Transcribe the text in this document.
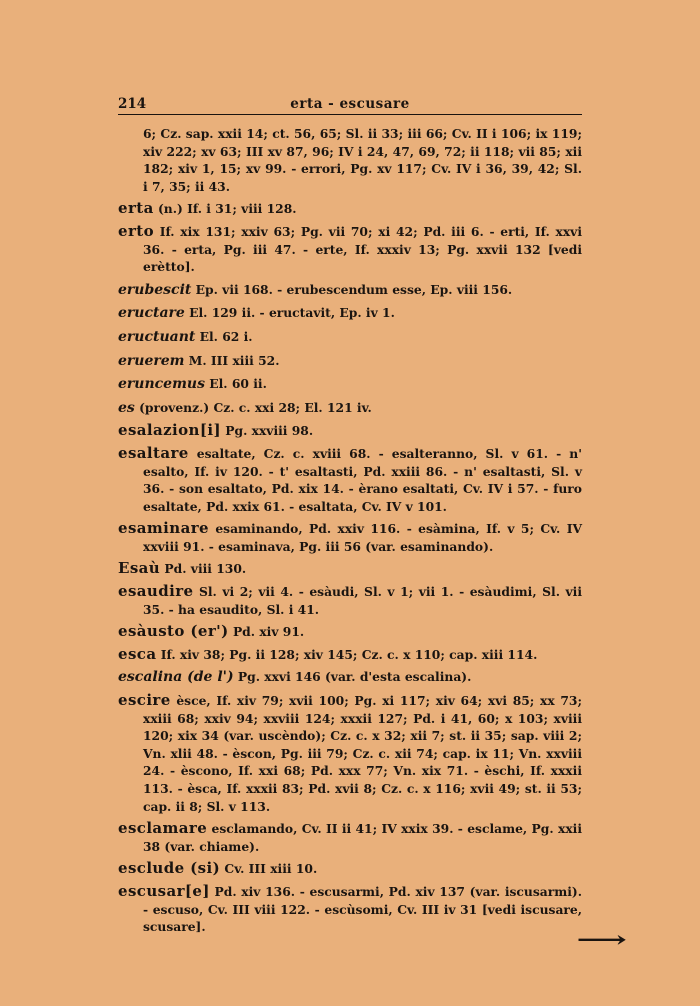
214	erta - escusare
6; Cz. sap. xxii 14; ct. 56, 65; Sl. ii 33; iii 66; Cv. II i 106; ix 119; xiv 222; xv 63; III xv 87, 96; IV i 24, 47, 69, 72; ii 118; vii 85; xii 182; xiv 1, 15; xv 99. - errori, Pg. xv 117; Cv. IV i 36, 39, 42; Sl. i 7, 35; ii 43.
erta (n.) If. i 31; viii 128.
erto If. xix 131; xxiv 63; Pg. vii 70; xi 42; Pd. iii 6. - erti, If. xxvi 36. - erta, Pg. iii 47. - erte, If. xxxiv 13; Pg. xxvii 132 [vedi erètto].
erubescit Ep. vii 168. - erubescendum esse, Ep. viii 156.
eructare El. 129 ii. - eructavit, Ep. iv 1.
eructuant El. 62 i.
eruerem M. III xiii 52.
eruncemus El. 60 ii.
es (provenz.) Cz. c. xxi 28; El. 121 iv.
esalazion[i] Pg. xxviii 98.
esaltare esaltate, Cz. c. xviii 68. - esalteranno, Sl. v 61. - n' esalto, If. iv 120. - t' esaltasti, Pd. xxiii 86. - n' esaltasti, Sl. v 36. - son esaltato, Pd. xix 14. - èrano esaltati, Cv. IV i 57. - furo esaltate, Pd. xxix 61. - esaltata, Cv. IV v 101.
esaminare esaminando, Pd. xxiv 116. - esàmina, If. v 5; Cv. IV xxviii 91. - esaminava, Pg. iii 56 (var. esaminando).
Esaù Pd. viii 130.
esaudire Sl. vi 2; vii 4. - esàudi, Sl. v 1; vii 1. - esàudimi, Sl. vii 35. - ha esaudito, Sl. i 41.
esàusto (er') Pd. xiv 91.
esca If. xiv 38; Pg. ii 128; xiv 145; Cz. c. x 110; cap. xiii 114.
escalina (de l') Pg. xxvi 146 (var. d'esta escalina).
escire èsce, If. xiv 79; xvii 100; Pg. xi 117; xiv 64; xvi 85; xx 73; xxiii 68; xxiv 94; xxviii 124; xxxii 127; Pd. i 41, 60; x 103; xviii 120; xix 34 (var. uscèndo); Cz. c. x 32; xii 7; st. ii 35; sap. viii 2; Vn. xlii 48. - èscon, Pg. iii 79; Cz. c. xii 74; cap. ix 11; Vn. xxviii 24. - èscono, If. xxi 68; Pd. xxx 77; Vn. xix 71. - èschi, If. xxxii 113. - èsca, If. xxxii 83; Pd. xvii 8; Cz. c. x 116; xvii 49; st. ii 53; cap. ii 8; Sl. v 113.
esclamare esclamando, Cv. II ii 41; IV xxix 39. - esclame, Pg. xxii 38 (var. chiame).
esclude (si) Cv. III xiii 10.
escusar[e] Pd. xiv 136. - escusarmi, Pd. xiv 137 (var. iscusarmi). - escuso, Cv. III viii 122. - escùsomi, Cv. III iv 31 [vedi iscusare, scusare].
⟶
